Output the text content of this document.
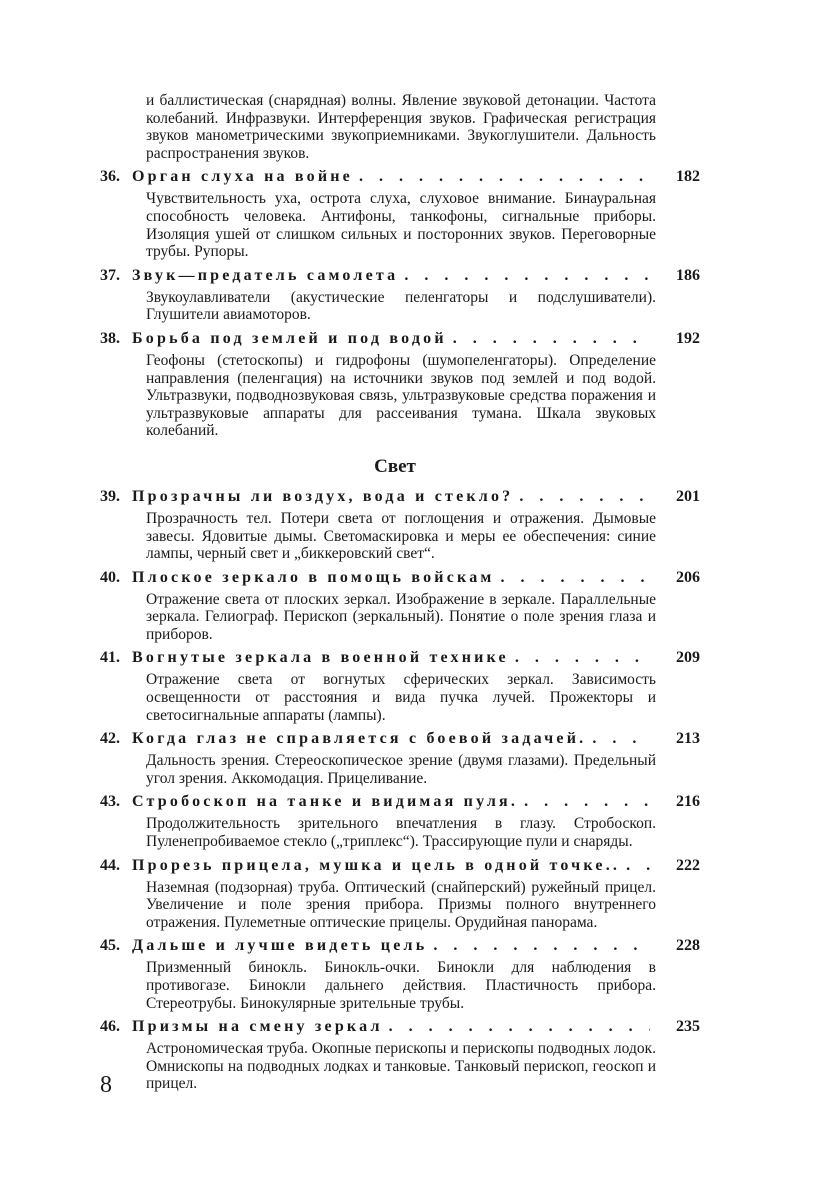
и баллистическая (снарядная) волны. Явление звуковой детонации. Частота колебаний. Инфразвуки. Интерференция звуков. Графическая регистрация звуков манометрическими звукоприемниками. Звукоглушители. Дальность распространения звуков.
36. Орган слуха на войне . . .	182
Чувствительность уха, острота слуха, слуховое внимание. Бинауральная способность человека. Антифоны, танкофоны, сигнальные приборы. Изоляция ушей от слишком сильных и посторонних звуков. Переговорные трубы. Рупоры.
37. Звук—предатель самолета . . .	186
Звукоулавливатели (акустические пеленгаторы и подслушиватели). Глушители авиамоторов.
38. Борьба под землей и под водой . . .	192
Геофоны (стетоскопы) и гидрофоны (шумопеленгаторы). Определение направления (пеленгация) на источники звуков под землей и под водой. Ультразвуки, подводнозвуковая связь, ультразвуковые средства поражения и ультразвуковые аппараты для рассеивания тумана. Шкала звуковых колебаний.
Свет
39. Прозрачны ли воздух, вода и стекло? . . .	201
Прозрачность тел. Потери света от поглощения и отражения. Дымовые завесы. Ядовитые дымы. Светомаскировка и меры ее обеспечения: синие лампы, черный свет и „биккеровский свет“.
40. Плоское зеркало в помощь войскам . . .	206
Отражение света от плоских зеркал. Изображение в зеркале. Параллельные зеркала. Гелиограф. Перископ (зеркальный). Понятие о поле зрения глаза и приборов.
41. Вогнутые зеркала в военной технике . . .	209
Отражение света от вогнутых сферических зеркал. Зависимость освещенности от расстояния и вида пучка лучей. Прожекторы и светосигнальные аппараты (лампы).
42. Когда глаз не справляется с боевой задачей. . . .	213
Дальность зрения. Стереоскопическое зрение (двумя глазами). Предельный угол зрения. Аккомодация. Прицеливание.
43. Стробоскоп на танке и видимая пуля. . . .	216
Продолжительность зрительного впечатления в глазу. Стробоскоп. Пуленепробиваемое стекло („триплекс“). Трассирующие пули и снаряды.
44. Прорезь прицела, мушка и цель в одной точке.. . . .	222
Наземная (подзорная) труба. Оптический (снайперский) ружейный прицел. Увеличение и поле зрения прибора. Призмы полного внутреннего отражения. Пулеметные оптические прицелы. Орудийная панорама.
45. Дальше и лучше видеть цель . . .	228
Призменный бинокль. Бинокль-очки. Бинокли для наблюдения в противогазе. Бинокли дальнего действия. Пластичность прибора. Стереотрубы. Бинокулярные зрительные трубы.
46. Призмы на смену зеркал . . .	235
Астрономическая труба. Окопные перископы и перископы подводных лодок. Омнископы на подводных лодках и танковые. Танковый перископ, геоскоп и прицел.
8
